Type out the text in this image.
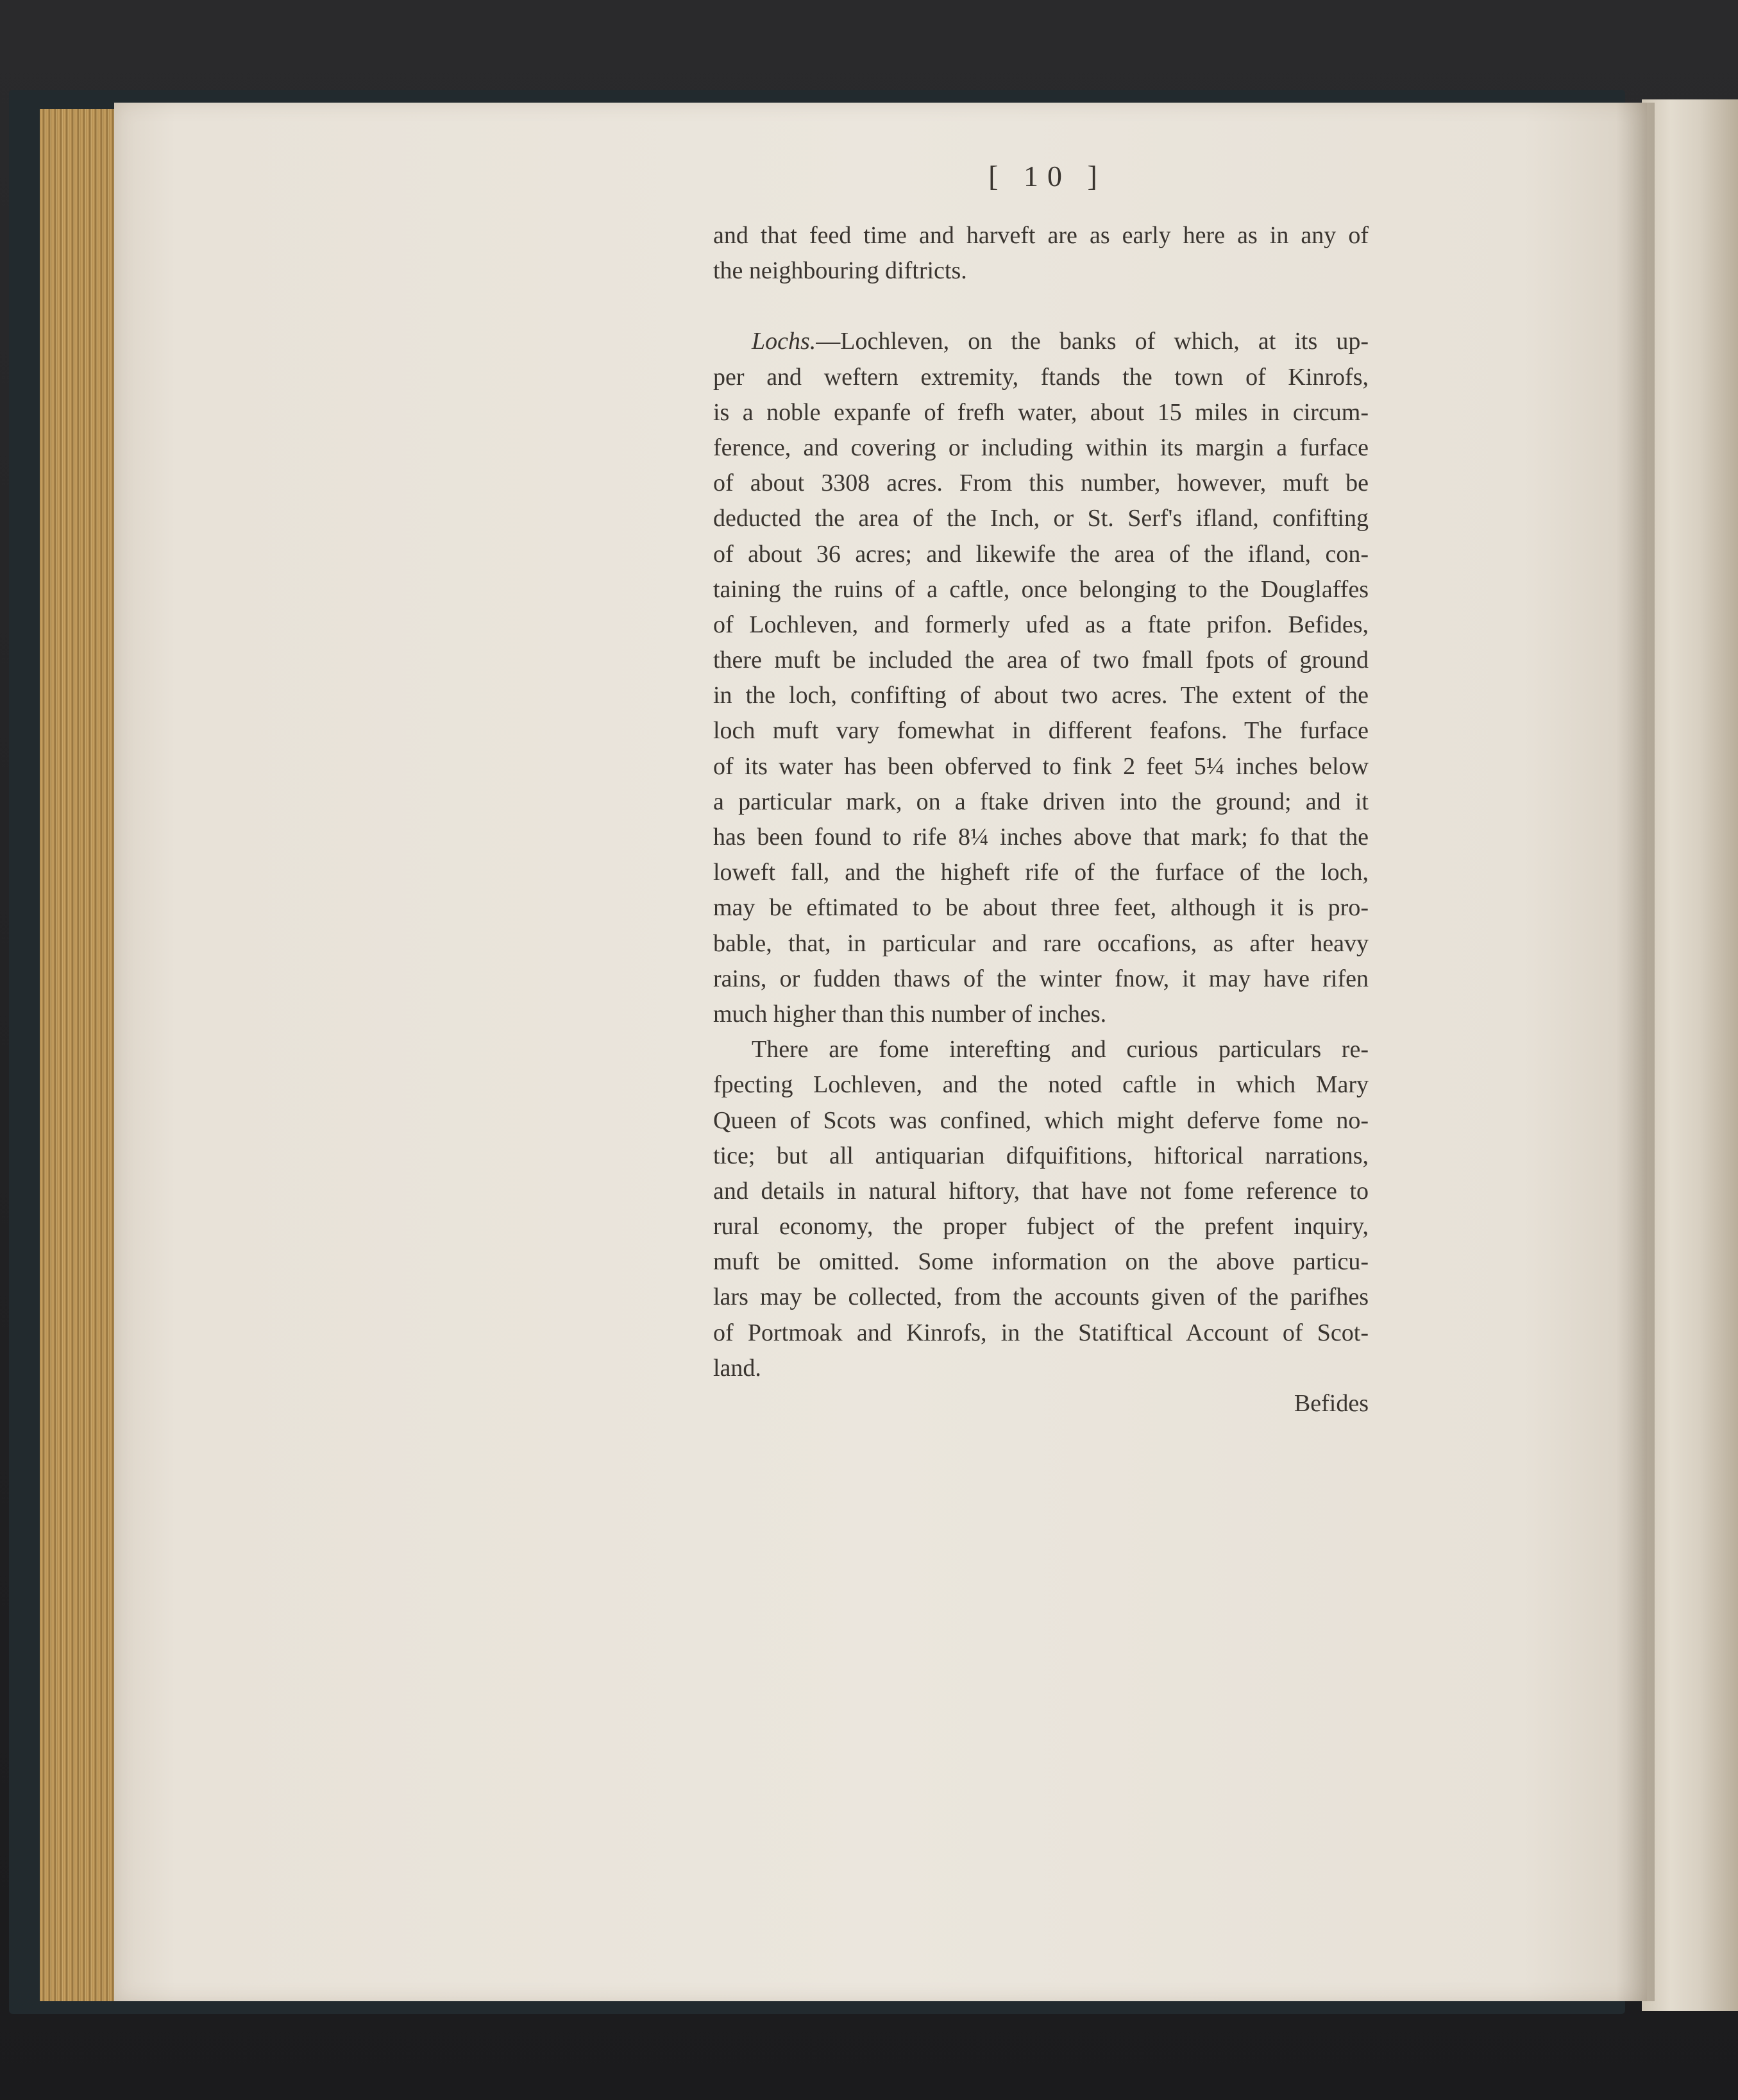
[ 10 ]
and that feed time and harveft are as early here as in any of
the neighbouring diftricts.
Lochs.—Lochleven, on the banks of which, at its up-
per and weftern extremity, ftands the town of Kinrofs,
is a noble expanfe of frefh water, about 15 miles in circum-
ference, and covering or including within its margin a furface
of about 3308 acres. From this number, however, muft be
deducted the area of the Inch, or St. Serf's ifland, confifting
of about 36 acres; and likewife the area of the ifland, con-
taining the ruins of a caftle, once belonging to the Douglaffes
of Lochleven, and formerly ufed as a ftate prifon. Befides,
there muft be included the area of two fmall fpots of ground
in the loch, confifting of about two acres. The extent of the
loch muft vary fomewhat in different feafons. The furface
of its water has been obferved to fink 2 feet 5¼ inches below
a particular mark, on a ftake driven into the ground; and it
has been found to rife 8¼ inches above that mark; fo that the
loweft fall, and the higheft rife of the furface of the loch,
may be eftimated to be about three feet, although it is pro-
bable, that, in particular and rare occafions, as after heavy
rains, or fudden thaws of the winter fnow, it may have rifen
much higher than this number of inches.
There are fome interefting and curious particulars re-
fpecting Lochleven, and the noted caftle in which Mary
Queen of Scots was confined, which might deferve fome no-
tice; but all antiquarian difquifitions, hiftorical narrations,
and details in natural hiftory, that have not fome reference to
rural economy, the proper fubject of the prefent inquiry,
muft be omitted. Some information on the above particu-
lars may be collected, from the accounts given of the parifhes
of Portmoak and Kinrofs, in the Statiftical Account of Scot-
land.
Befides
